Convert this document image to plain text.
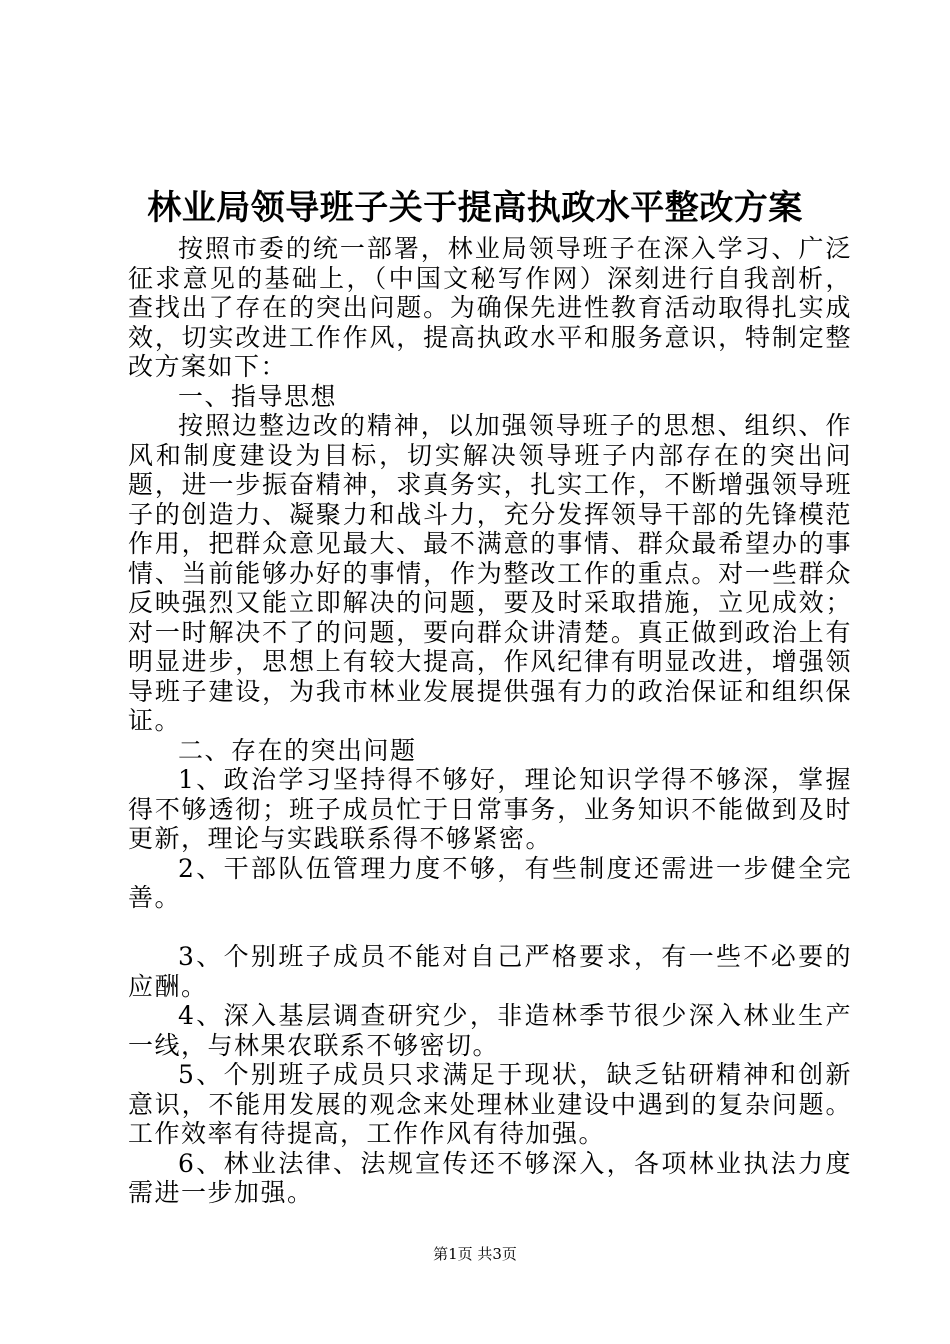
林业局领导班子关于提高执政水平整改方案

按照市委的统一部署，林业局领导班子在深入学习、广泛征求意见的基础上，（中国文秘写作网）深刻进行自我剖析，查找出了存在的突出问题。为确保先进性教育活动取得扎实成效，切实改进工作作风，提高执政水平和服务意识，特制定整改方案如下：

一、指导思想

按照边整边改的精神，以加强领导班子的思想、组织、作风和制度建设为目标，切实解决领导班子内部存在的突出问题，进一步振奋精神，求真务实，扎实工作，不断增强领导班子的创造力、凝聚力和战斗力，充分发挥领导干部的先锋模范作用，把群众意见最大、最不满意的事情、群众最希望办的事情、当前能够办好的事情，作为整改工作的重点。对一些群众反映强烈又能立即解决的问题，要及时采取措施，立见成效；对一时解决不了的问题，要向群众讲清楚。真正做到政治上有明显进步，思想上有较大提高，作风纪律有明显改进，增强领导班子建设，为我市林业发展提供强有力的政治保证和组织保证。

二、存在的突出问题

1、政治学习坚持得不够好，理论知识学得不够深，掌握得不够透彻；班子成员忙于日常事务，业务知识不能做到及时更新，理论与实践联系得不够紧密。

2、干部队伍管理力度不够，有些制度还需进一步健全完善。

3、个别班子成员不能对自己严格要求，有一些不必要的应酬。

4、深入基层调查研究少，非造林季节很少深入林业生产一线，与林果农联系不够密切。

5、个别班子成员只求满足于现状，缺乏钻研精神和创新意识，不能用发展的观念来处理林业建设中遇到的复杂问题。工作效率有待提高，工作作风有待加强。

6、林业法律、法规宣传还不够深入，各项林业执法力度需进一步加强。

第1页 共3页
